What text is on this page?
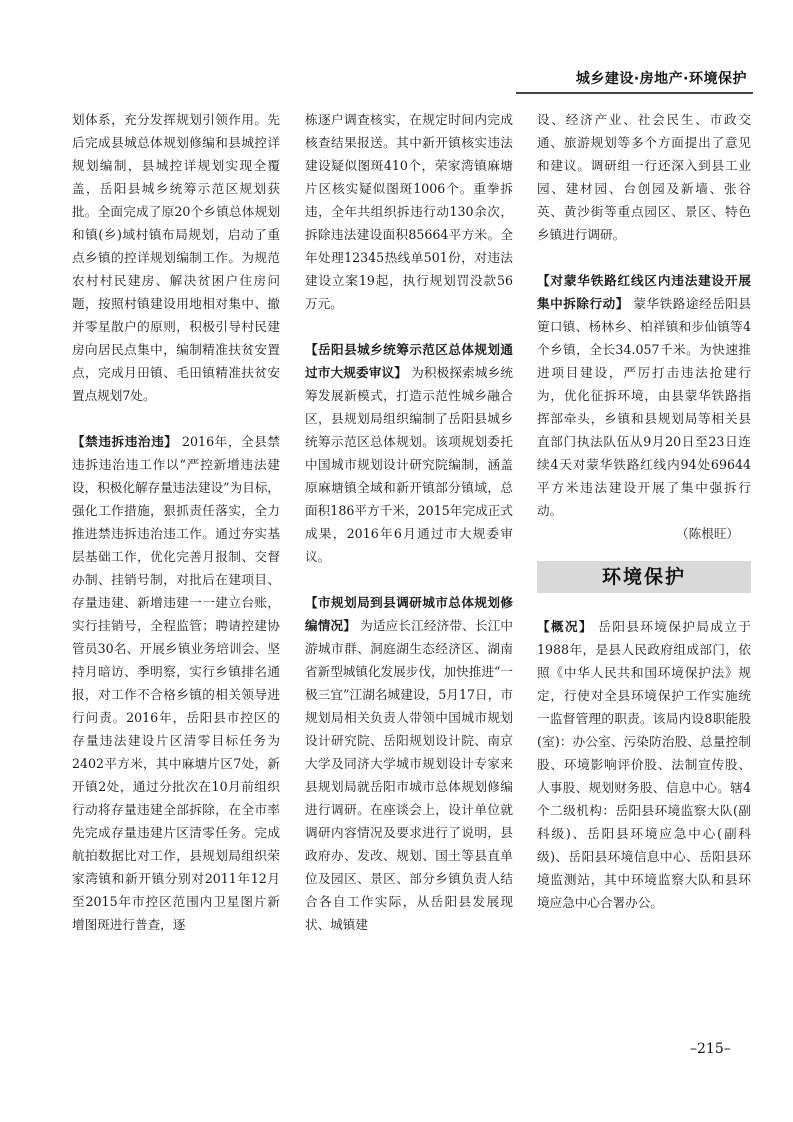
城乡建设·房地产·环境保护

划体系，充分发挥规划引领作用。先后完成县城总体规划修编和县城控详规划编制，县城控详规划实现全覆盖，岳阳县城乡统筹示范区规划获批。全面完成了原20个乡镇总体规划和镇(乡)域村镇布局规划，启动了重点乡镇的控详规划编制工作。为规范农村村民建房、解决贫困户住房问题，按照村镇建设用地相对集中、撤并零星散户的原则，积极引导村民建房向居民点集中，编制精准扶贫安置点，完成月田镇、毛田镇精准扶贫安置点规划7处。

【禁违拆违治违】 2016年，全县禁违拆违治违工作以“严控新增违法建设，积极化解存量违法建设”为目标，强化工作措施，狠抓责任落实，全力推进禁违拆违治违工作。通过夯实基层基础工作，优化完善月报制、交督办制、挂销号制，对批后在建项目、存量违建、新增违建一一建立台账，实行挂销号，全程监管；聘请控建协管员30名、开展乡镇业务培训会、坚持月暗访、季明察，实行乡镇排名通报，对工作不合格乡镇的相关领导进行问责。2016年，岳阳县市控区的存量违法建设片区清零目标任务为2402平方米，其中麻塘片区7处，新开镇2处，通过分批次在10月前组织行动将存量违建全部拆除，在全市率先完成存量违建片区清零任务。完成航拍数据比对工作，县规划局组织荣家湾镇和新开镇分别对2011年12月至2015年市控区范围内卫星图片新增图斑进行普查，逐

栋逐户调查核实，在规定时间内完成核查结果报送。其中新开镇核实违法建设疑似图斑410个，荣家湾镇麻塘片区核实疑似图斑1006个。重拳拆违，全年共组织拆违行动130余次，拆除违法建设面积85664平方米。全年处理12345热线单501份，对违法建设立案19起，执行规划罚没款56万元。

【岳阳县城乡统筹示范区总体规划通过市大规委审议】 为积极探索城乡统筹发展新模式，打造示范性城乡融合区，县规划局组织编制了岳阳县城乡统筹示范区总体规划。该项规划委托中国城市规划设计研究院编制，涵盖原麻塘镇全域和新开镇部分镇域，总面积186平方千米，2015年完成正式成果，2016年6月通过市大规委审议。

【市规划局到县调研城市总体规划修编情况】 为适应长江经济带、长江中游城市群、洞庭湖生态经济区、湖南省新型城镇化发展步伐，加快推进“一极三宜”江湖名城建设，5月17日，市规划局相关负责人带领中国城市规划设计研究院、岳阳规划设计院、南京大学及同济大学城市规划设计专家来县规划局就岳阳市城市总体规划修编进行调研。在座谈会上，设计单位就调研内容情况及要求进行了说明，县政府办、发改、规划、国土等县直单位及园区、景区、部分乡镇负责人结合各自工作实际，从岳阳县发展现状、城镇建

设、经济产业、社会民生、市政交通、旅游规划等多个方面提出了意见和建议。调研组一行还深入到县工业园、建材园、台创园及新墙、张谷英、黄沙街等重点园区、景区、特色乡镇进行调研。

【对蒙华铁路红线区内违法建设开展集中拆除行动】 蒙华铁路途经岳阳县筻口镇、杨林乡、柏祥镇和步仙镇等4个乡镇，全长34.057千米。为快速推进项目建设，严厉打击违法抢建行为，优化征拆环境，由县蒙华铁路指挥部牵头，乡镇和县规划局等相关县直部门执法队伍从9月20日至23日连续4天对蒙华铁路红线内94处69644平方米违法建设开展了集中强拆行动。

（陈根旺）

环境保护

【概况】 岳阳县环境保护局成立于1988年，是县人民政府组成部门，依照《中华人民共和国环境保护法》规定，行使对全县环境保护工作实施统一监督管理的职责。该局内设8职能股(室)：办公室、污染防治股、总量控制股、环境影响评价股、法制宣传股、人事股、规划财务股、信息中心。辖4个二级机构：岳阳县环境监察大队(副科级)、岳阳县环境应急中心(副科级)、岳阳县环境信息中心、岳阳县环境监测站，其中环境监察大队和县环境应急中心合署办公。

–215–
